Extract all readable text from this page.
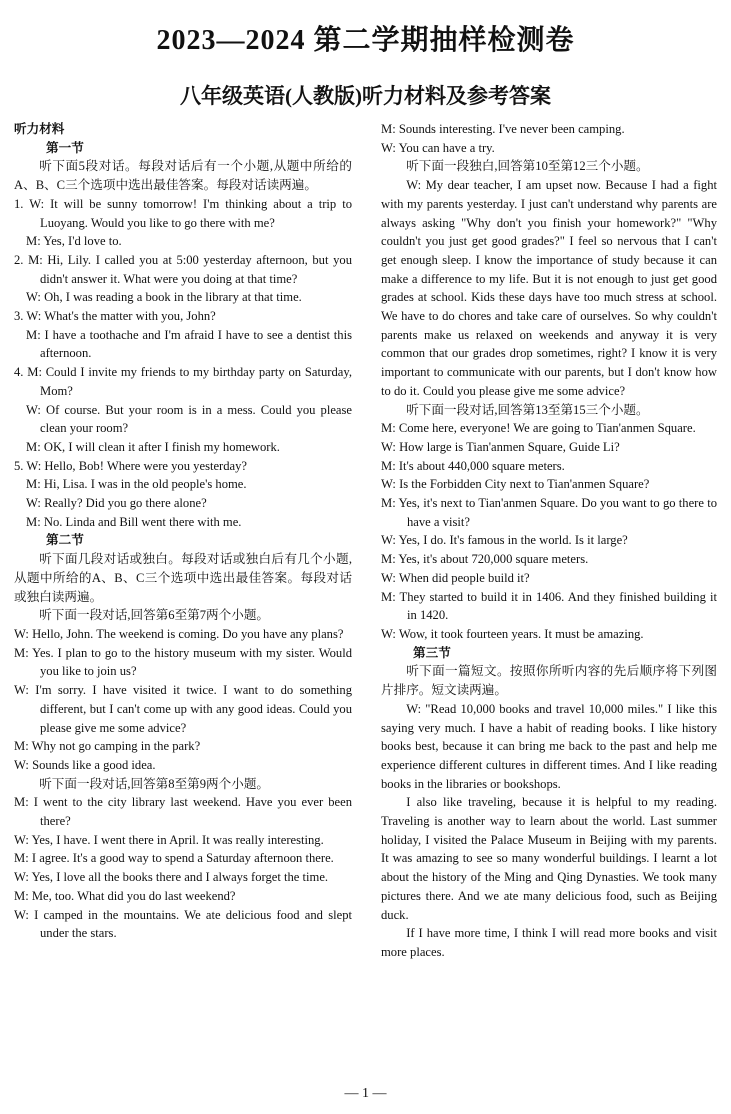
2023—2024 第二学期抽样检测卷
八年级英语(人教版)听力材料及参考答案

听力材料

第一节

听下面5段对话。每段对话后有一个小题,从题中所给的A、B、C三个选项中选出最佳答案。每段对话读两遍。

1. W: It will be sunny tomorrow! I'm thinking about a trip to Luoyang. Would you like to go there with me?

M: Yes, I'd love to.

2. M: Hi, Lily. I called you at 5:00 yesterday afternoon, but you didn't answer it. What were you doing at that time?

W: Oh, I was reading a book in the library at that time.

3. W: What's the matter with you, John?

M: I have a toothache and I'm afraid I have to see a dentist this afternoon.

4. M: Could I invite my friends to my birthday party on Saturday, Mom?

W: Of course. But your room is in a mess. Could you please clean your room?

M: OK, I will clean it after I finish my homework.

5. W: Hello, Bob! Where were you yesterday?

M: Hi, Lisa. I was in the old people's home.

W: Really? Did you go there alone?

M: No. Linda and Bill went there with me.

第二节

听下面几段对话或独白。每段对话或独白后有几个小题,从题中所给的A、B、C三个选项中选出最佳答案。每段对话或独白读两遍。

听下面一段对话,回答第6至第7两个小题。

W: Hello, John. The weekend is coming. Do you have any plans?

M: Yes. I plan to go to the history museum with my sister. Would you like to join us?

W: I'm sorry. I have visited it twice. I want to do something different, but I can't come up with any good ideas. Could you please give me some advice?

M: Why not go camping in the park?

W: Sounds like a good idea.

听下面一段对话,回答第8至第9两个小题。

M: I went to the city library last weekend. Have you ever been there?

W: Yes, I have. I went there in April. It was really interesting.

M: I agree. It's a good way to spend a Saturday afternoon there.

W: Yes, I love all the books there and I always forget the time.

M: Me, too. What did you do last weekend?

W: I camped in the mountains. We ate delicious food and slept under the stars.

M: Sounds interesting. I've never been camping.

W: You can have a try.

听下面一段独白,回答第10至第12三个小题。

W: My dear teacher, I am upset now. Because I had a fight with my parents yesterday. I just can't understand why parents are always asking "Why don't you finish your homework?" "Why couldn't you just get good grades?" I feel so nervous that I can't get enough sleep. I know the importance of study because it can make a difference to my life. But it is not enough to just get good grades at school. Kids these days have too much stress at school. We have to do chores and take care of ourselves. So why couldn't parents make us relaxed on weekends and anyway it is very common that our grades drop sometimes, right? I know it is very important to communicate with our parents, but I don't know how to do it. Could you please give me some advice?

听下面一段对话,回答第13至第15三个小题。

M: Come here, everyone! We are going to Tian'anmen Square.

W: How large is Tian'anmen Square, Guide Li?

M: It's about 440,000 square meters.

W: Is the Forbidden City next to Tian'anmen Square?

M: Yes, it's next to Tian'anmen Square. Do you want to go there to have a visit?

W: Yes, I do. It's famous in the world. Is it large?

M: Yes, it's about 720,000 square meters.

W: When did people build it?

M: They started to build it in 1406. And they finished building it in 1420.

W: Wow, it took fourteen years. It must be amazing.

第三节

听下面一篇短文。按照你所听内容的先后顺序将下列图片排序。短文读两遍。

W: "Read 10,000 books and travel 10,000 miles." I like this saying very much. I have a habit of reading books. I like history books best, because it can bring me back to the past and help me experience different cultures in different times. And I like reading books in the libraries or bookshops.

I also like traveling, because it is helpful to my reading. Traveling is another way to learn about the world. Last summer holiday, I visited the Palace Museum in Beijing with my parents. It was amazing to see so many wonderful buildings. I learnt a lot about the history of the Ming and Qing Dynasties. We took many pictures there. And we ate many delicious food, such as Beijing duck.

If I have more time, I think I will read more books and visit more places.

— 1 —
